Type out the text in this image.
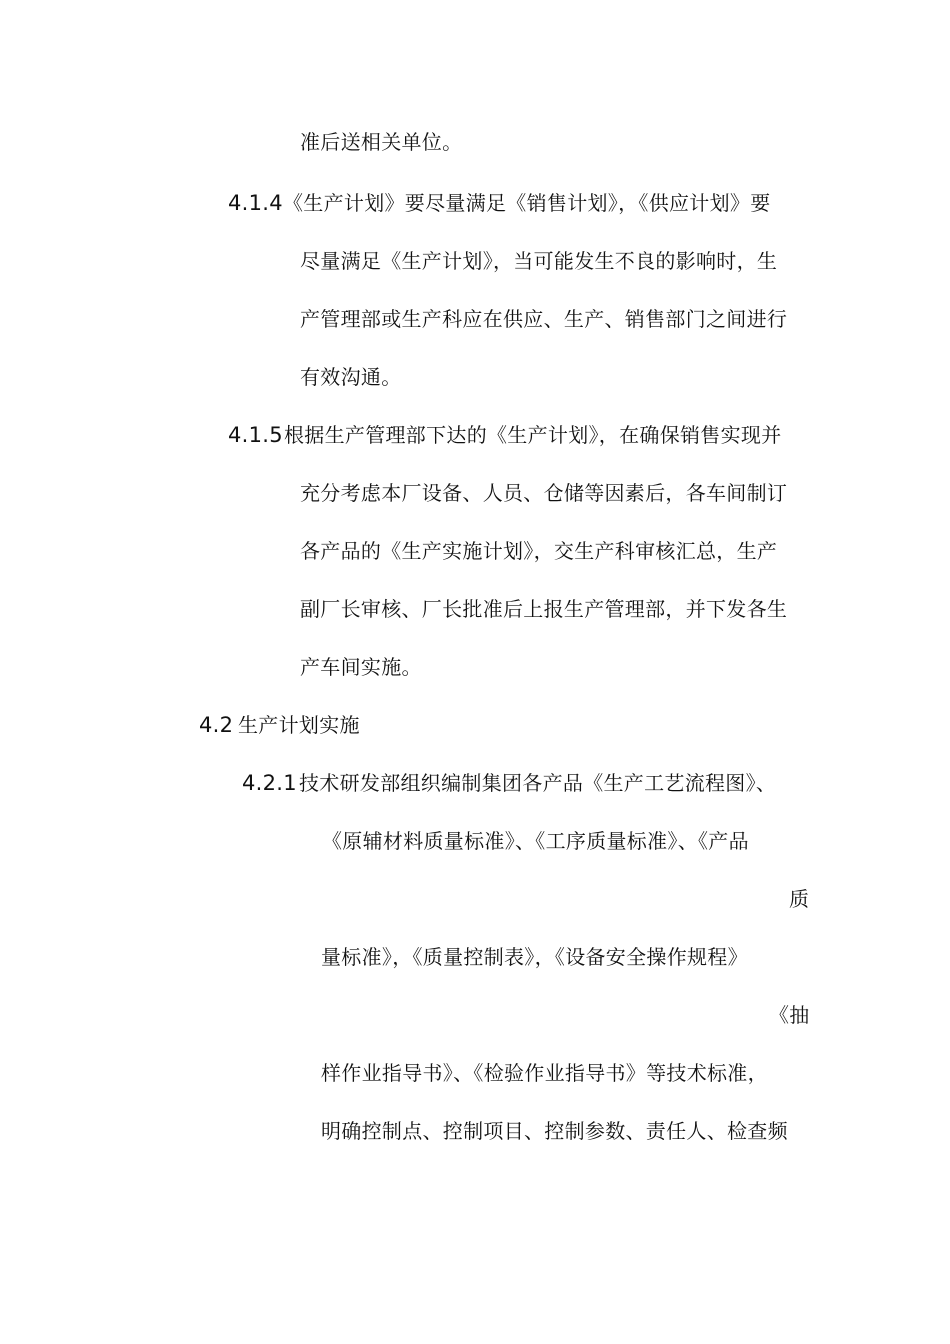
准后送相关单位。
4.1.4 《生产计划》要尽量满足《销售计划》，《供应计划》要
尽量满足《生产计划》，当可能发生不良的影响时，生
产管理部或生产科应在供应、生产、销售部门之间进行
有效沟通。
4.1.5 根据生产管理部下达的《生产计划》，在确保销售实现并
充分考虑本厂设备、人员、仓储等因素后，各车间制订
各产品的《生产实施计划》，交生产科审核汇总，生产
副厂长审核、厂长批准后上报生产管理部，并下发各生
产车间实施。
4.2 生产计划实施
4.2.1 技术研发部组织编制集团各产品《生产工艺流程图》、
《原辅材料质量标准》、《工序质量标准》、《产品
质
量标准》，《质量控制表》，《设备安全操作规程》
《抽
样作业指导书》、《检验作业指导书》等技术标准，
明确控制点、控制项目、控制参数、责任人、检查频
